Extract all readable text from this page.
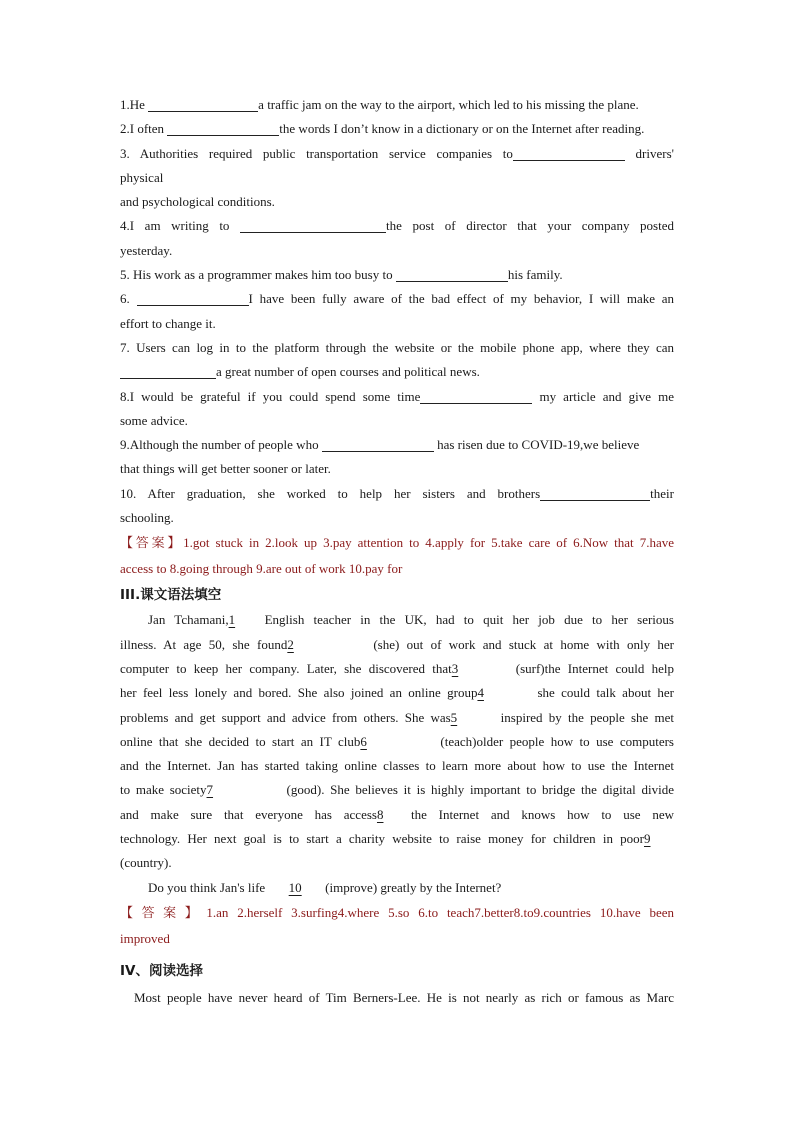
1.He	a traffic jam on the way to the airport, which led to his missing the plane.
2.I often	the words I don’t know in a dictionary or on the Internet after reading.
3. Authorities required public transportation service companies to	drivers'
physical
and psychological conditions.
4.I am writing to	the post of director that your company posted
yesterday.
5. His work as a programmer makes him too busy to	his family.
6.	I have been fully aware of the bad effect of my behavior, I will make an
effort to change it.
7. Users can log in to the platform through the website or the mobile phone app, where they can
a great number of open courses and political news.
8.I would be grateful if you could spend some time	my article and give me
some advice.
9.Although the number of people who	has risen due to COVID-19,we believe
that things will get better sooner or later.
10. After graduation, she worked to help her sisters and brothers	their
schooling.
【答案】1.got stuck in 2.look up 3.pay attention to 4.apply for 5.take care of 6.Now that 7.have
access to 8.going through 9.are out of work 10.pay for
III.课文语法填空
Jan Tchamani,1 English teacher in the UK, had to quit her job due to her serious
illness. At age 50, she found2	(she) out of work and stuck at home with only her
computer to keep her company. Later, she discovered that3	(surf)the Internet could help
her feel less lonely and bored. She also joined an online group4	she could talk about her
problems and get support and advice from others. She was5	inspired by the people she met
online that she decided to start an IT club6	(teach)older people how to use computers
and the Internet. Jan has started taking online classes to learn more about how to use the Internet
to make society7	(good). She believes it is highly important to bridge the digital divide
and make sure that everyone has access8 the Internet and knows how to use new
technology. Her next goal is to start a charity website to raise money for children in poor9
(country).
Do you think Jan's life 10 (improve) greatly by the Internet?
【答案】1.an 2.herself 3.surfing4.where 5.so 6.to teach7.better8.to9.countries 10.have been
improved
IV、阅读选择
Most people have never heard of Tim Berners-Lee. He is not nearly as rich or famous as Marc
